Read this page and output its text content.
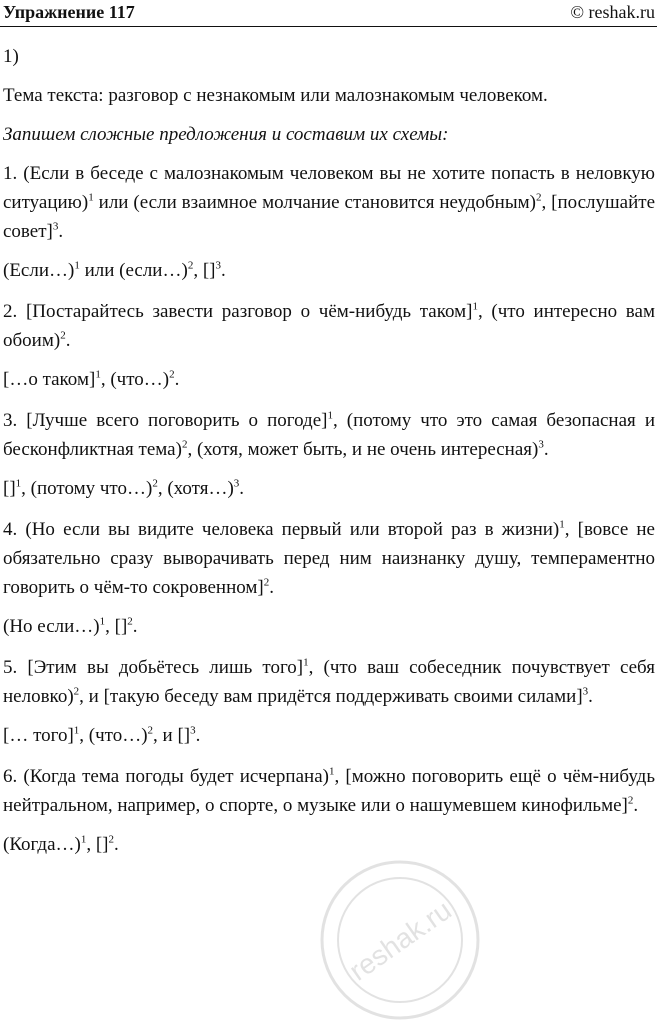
Упражнение 117	© reshak.ru

1)

Тема текста: разговор с незнакомым или малознакомым человеком.

Запишем сложные предложения и составим их схемы:

1. (Если в беседе с малознакомым человеком вы не хотите попасть в неловкую ситуацию)$^1$ или (если взаимное молчание становится неудобным)$^2$, [послушайте совет]$^3$.

(Если…)$^1$ или (если…)$^2$, []$^3$.

2. [Постарайтесь завести разговор о чём-нибудь таком]$^1$, (что интересно вам обоим)$^2$.

[…о таком]$^1$, (что…)$^2$.

3. [Лучше всего поговорить о погоде]$^1$, (потому что это самая безопасная и бесконфликтная тема)$^2$, (хотя, может быть, и не очень интересная)$^3$.

[]$^1$, (потому что…)$^2$, (хотя…)$^3$.

4. (Но если вы видите человека первый или второй раз в жизни)$^1$, [вовсе не обязательно сразу выворачивать перед ним наизнанку душу, темпераментно говорить о чём-то сокровенном]$^2$.

(Но если…)$^1$, []$^2$.

5. [Этим вы добьётесь лишь того]$^1$, (что ваш собеседник почувствует себя неловко)$^2$, и [такую беседу вам придётся поддерживать своими силами]$^3$.

[… того]$^1$, (что…)$^2$, и []$^3$.

6. (Когда тема погоды будет исчерпана)$^1$, [можно поговорить ещё о чём-нибудь нейтральном, например, о спорте, о музыке или о нашумевшем кинофильме]$^2$.

(Когда…)$^1$, []$^2$.

reshak.ru
